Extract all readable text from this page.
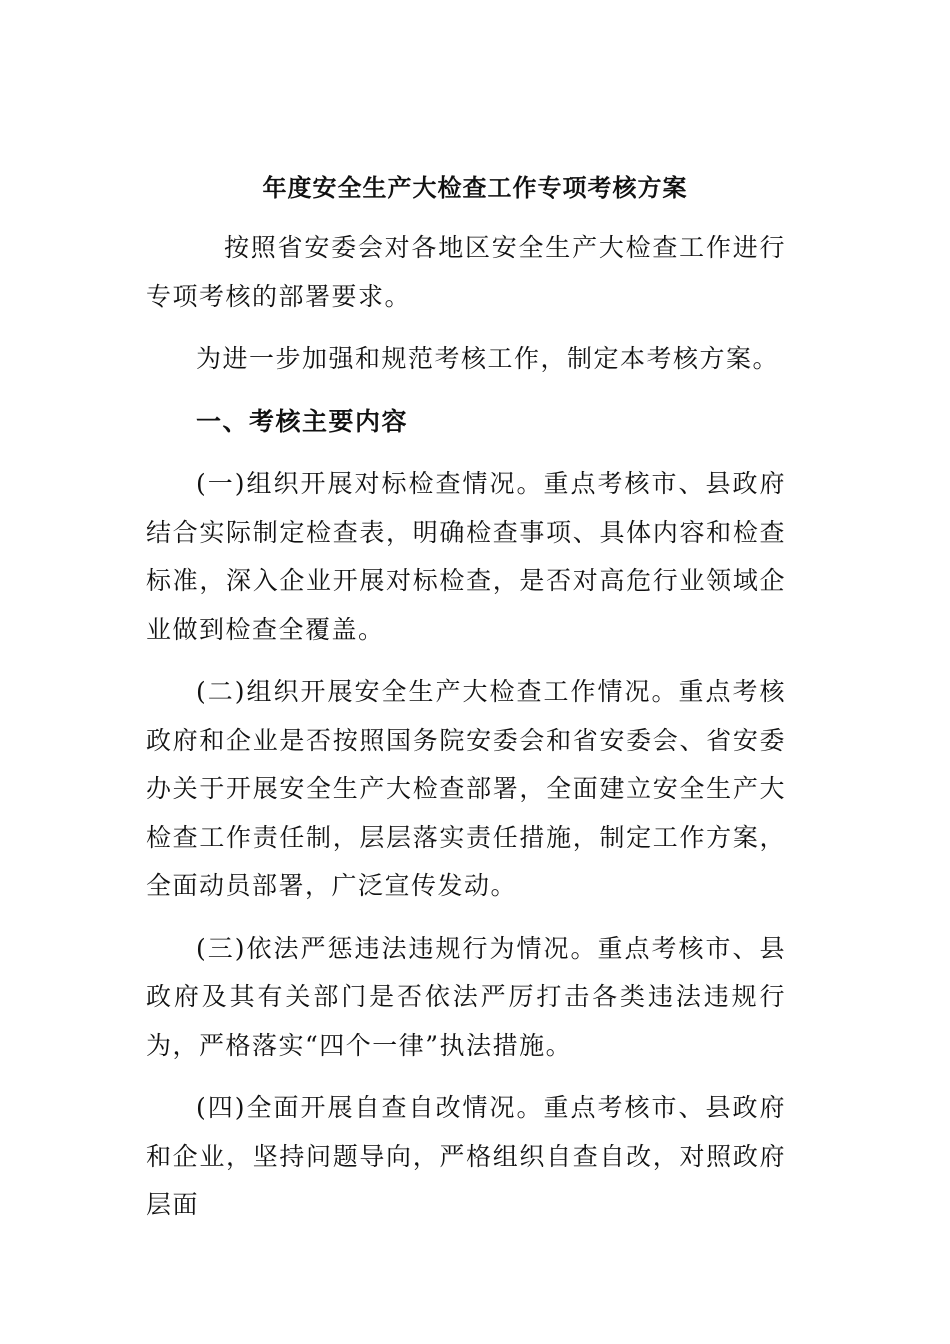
年度安全生产大检查工作专项考核方案

按照省安委会对各地区安全生产大检查工作进行专项考核的部署要求。

为进一步加强和规范考核工作，制定本考核方案。

一、考核主要内容

(一)组织开展对标检查情况。重点考核市、县政府结合实际制定检查表，明确检查事项、具体内容和检查标准，深入企业开展对标检查，是否对高危行业领域企业做到检查全覆盖。

(二)组织开展安全生产大检查工作情况。重点考核政府和企业是否按照国务院安委会和省安委会、省安委办关于开展安全生产大检查部署，全面建立安全生产大检查工作责任制，层层落实责任措施，制定工作方案，全面动员部署，广泛宣传发动。

(三)依法严惩违法违规行为情况。重点考核市、县政府及其有关部门是否依法严厉打击各类违法违规行为，严格落实“四个一律”执法措施。

(四)全面开展自查自改情况。重点考核市、县政府和企业，坚持问题导向，严格组织自查自改，对照政府层面
